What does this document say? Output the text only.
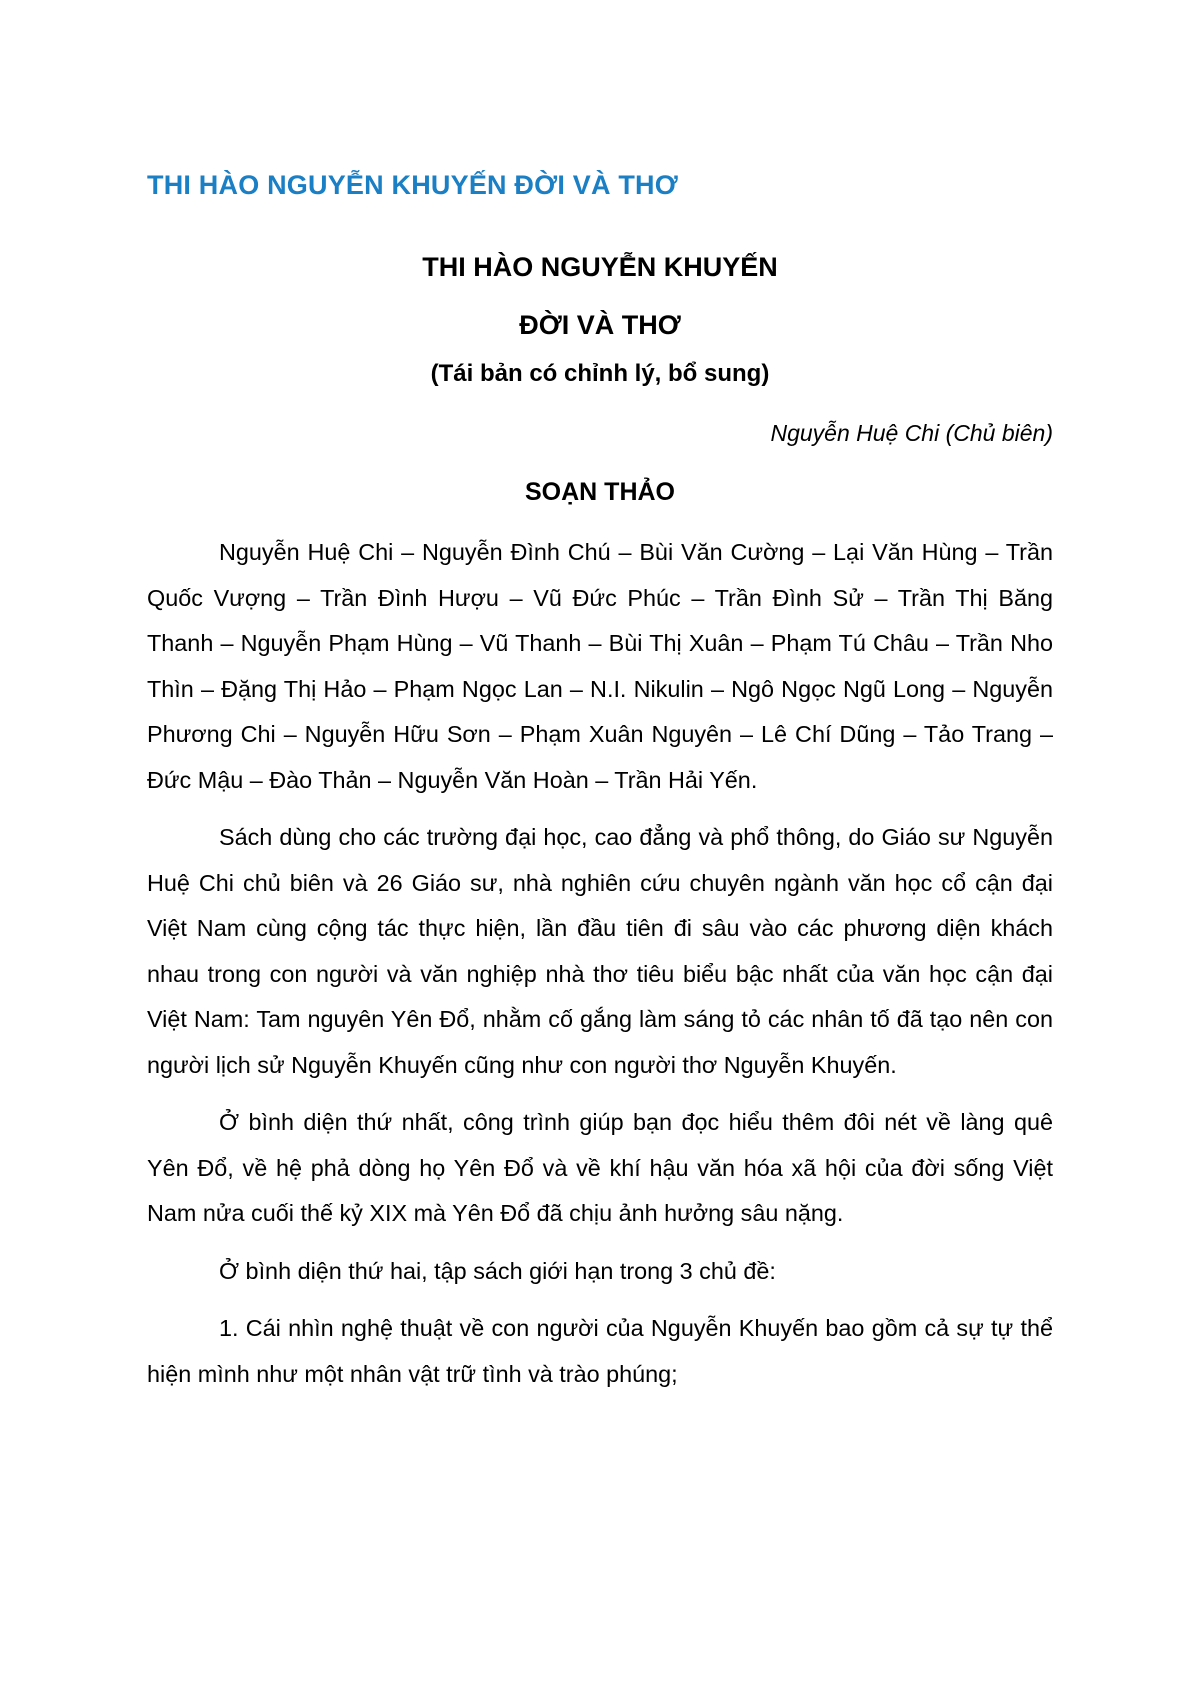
THI HÀO NGUYỄN KHUYẾN ĐỜI VÀ THƠ

THI HÀO NGUYỄN KHUYẾN

ĐỜI VÀ THƠ

(Tái bản có chỉnh lý, bổ sung)

Nguyễn Huệ Chi (Chủ biên)

SOẠN THẢO

Nguyễn Huệ Chi – Nguyễn Đình Chú – Bùi Văn Cường – Lại Văn Hùng – Trần Quốc Vượng – Trần Đình Hượu – Vũ Đức Phúc – Trần Đình Sử – Trần Thị Băng Thanh – Nguyễn Phạm Hùng – Vũ Thanh – Bùi Thị Xuân – Phạm Tú Châu – Trần Nho Thìn – Đặng Thị Hảo – Phạm Ngọc Lan – N.I. Nikulin – Ngô Ngọc Ngũ Long – Nguyễn Phương Chi – Nguyễn Hữu Sơn – Phạm Xuân Nguyên – Lê Chí Dũng – Tảo Trang – Đức Mậu – Đào Thản – Nguyễn Văn Hoàn – Trần Hải Yến.

Sách dùng cho các trường đại học, cao đẳng và phổ thông, do Giáo sư Nguyễn Huệ Chi chủ biên và 26 Giáo sư, nhà nghiên cứu chuyên ngành văn học cổ cận đại Việt Nam cùng cộng tác thực hiện, lần đầu tiên đi sâu vào các phương diện khách nhau trong con người và văn nghiệp nhà thơ tiêu biểu bậc nhất của văn học cận đại Việt Nam: Tam nguyên Yên Đổ, nhằm cố gắng làm sáng tỏ các nhân tố đã tạo nên con người lịch sử Nguyễn Khuyến cũng như con người thơ Nguyễn Khuyến.

Ở bình diện thứ nhất, công trình giúp bạn đọc hiểu thêm đôi nét về làng quê Yên Đổ, về hệ phả dòng họ Yên Đổ và về khí hậu văn hóa xã hội của đời sống Việt Nam nửa cuối thế kỷ XIX mà Yên Đổ đã chịu ảnh hưởng sâu nặng.

Ở bình diện thứ hai, tập sách giới hạn trong 3 chủ đề:

1. Cái nhìn nghệ thuật về con người của Nguyễn Khuyến bao gồm cả sự tự thể hiện mình như một nhân vật trữ tình và trào phúng;
